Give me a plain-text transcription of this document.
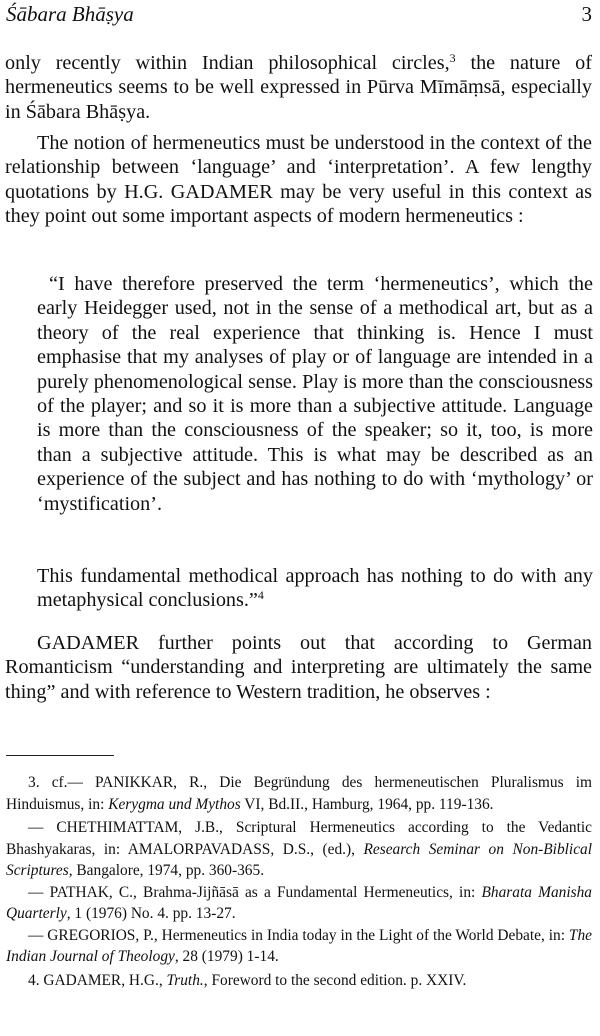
Śābara Bhāṣya	3

only recently within Indian philosophical circles,$^3$ the nature of hermeneutics seems to be well expressed in Pūrva Mīmāṃsā, especially in Śābara Bhāṣya.

The notion of hermeneutics must be understood in the context of the relationship between ‘language’ and ‘interpretation’. A few lengthy quotations by H.G. GADAMER may be very useful in this context as they point out some important aspects of modern hermeneutics :

“I have therefore preserved the term ‘hermeneutics’, which the early Heidegger used, not in the sense of a methodical art, but as a theory of the real experience that thinking is. Hence I must emphasise that my analyses of play or of language are intended in a purely phenomenological sense. Play is more than the consciousness of the player; and so it is more than a subjective attitude. Language is more than the consciousness of the speaker; so it, too, is more than a subjective attitude. This is what may be described as an experience of the subject and has nothing to do with ‘mythology’ or ‘mystification’.

This fundamental methodical approach has nothing to do with any metaphysical conclusions.”$^4$

GADAMER further points out that according to German Romanticism “understanding and interpreting are ultimately the same thing” and with reference to Western tradition, he observes :

3. cf.— PANIKKAR, R., Die Begründung des hermeneutischen Pluralismus im Hinduismus, in: Kerygma und Mythos VI, Bd.II., Hamburg, 1964, pp. 119-136.

— CHETHIMATTAM, J.B., Scriptural Hermeneutics according to the Vedantic Bhashyakaras, in: AMALORPAVADASS, D.S., (ed.), Research Seminar on Non-Biblical Scriptures, Bangalore, 1974, pp. 360-365.

— PATHAK, C., Brahma-Jijñāsā as a Fundamental Hermeneutics, in: Bharata Manisha Quarterly, 1 (1976) No. 4. pp. 13-27.

— GREGORIOS, P., Hermeneutics in India today in the Light of the World Debate, in: The Indian Journal of Theology, 28 (1979) 1-14.

4. GADAMER, H.G., Truth., Foreword to the second edition. p. XXIV.
